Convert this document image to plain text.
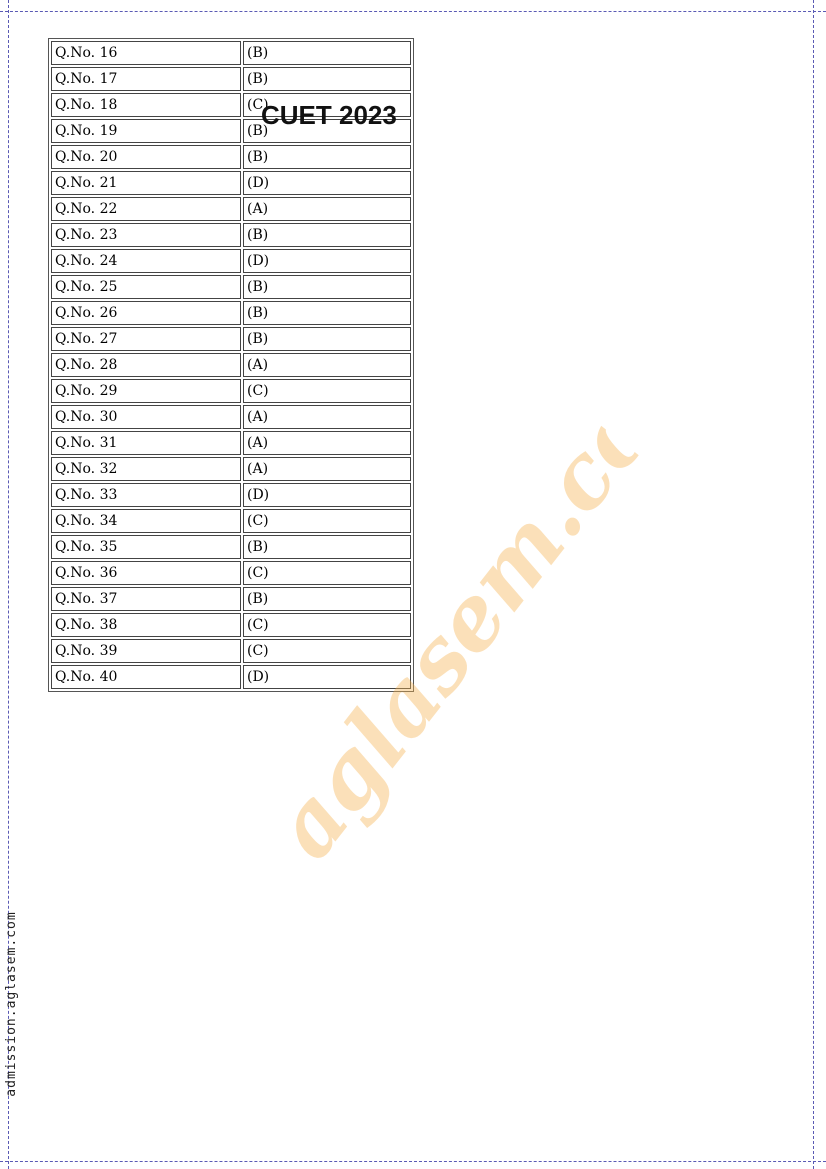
admission.aglasem.com
Q.No. 16	(B)
Q.No. 17	(B)
Q.No. 18	(C)
Q.No. 19	(B)
Q.No. 20	(B)
Q.No. 21	(D)
Q.No. 22	(A)
Q.No. 23	(B)
Q.No. 24	(D)
Q.No. 25	(B)
Q.No. 26	(B)
Q.No. 27	(B)
Q.No. 28	(A)
Q.No. 29	(C)
Q.No. 30	(A)
Q.No. 31	(A)
Q.No. 32	(A)
Q.No. 33	(D)
Q.No. 34	(C)
Q.No. 35	(B)
Q.No. 36	(C)
Q.No. 37	(B)
Q.No. 38	(C)
Q.No. 39	(C)
Q.No. 40	(D)
CUET 2023
aglasem.com
